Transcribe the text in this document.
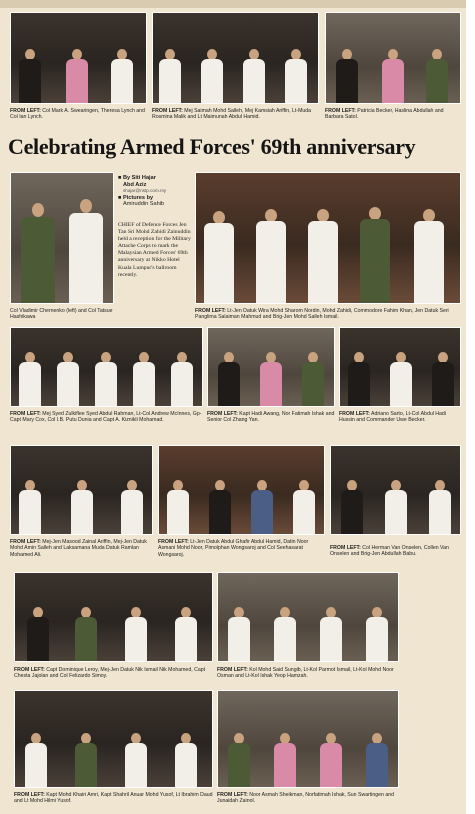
FROM LEFT: Col Mark A. Swearingen, Theresa Lynch and Col Ian Lynch.
FROM LEFT: Mej Saimah Mohd Salleh, Mej Kamsiah Ariffin, Lt-Muda Rosmina Malik and Lt Maimunah Abdul Hamid.
FROM LEFT: Patricia Becker, Haslina Abdullah and Barbara Satol.
Celebrating Armed Forces' 69th anniversary
Col Vladimir Chernenko (left) and Col Tatsue Hashikawa
■ By Siti Hajar
Abd Aziz
shajar@nstp.com.my
■ Pictures by
Amiruddin Sahib
CHIEF of Defence Forces Jen Tan Sri Mohd Zahidi Zainuddin held a reception for the Military Attache Corps to mark the Malaysian Armed Forces' 69th anniversary at Nikko Hotel Kuala Lumpur's ballroom recently.
FROM LEFT: Lt-Jen Datuk Wira Mohd Sharom Nordin, Mohd Zahidi, Commodore Fahim Khan, Jen Datuk Seri Panglima Salaiman Mahmud and Brig-Jen Mohd Salleh Ismail.
FROM LEFT: Mej Syed Zulkiflee Syed Abdul Rahman, Lt-Col Andrew McInnes, Gp-Capt Mary Cox, Col I.B. Putu Dunia and Capt A. Kiznikli Mohamad.
FROM LEFT: Kapt Hadi Awang, Nor Fatimah Ishak and Senior Col Zhang Yan.
FROM LEFT: Adriano Sarto, Lt-Col Abdul Hadi Hussin and Commander Uwe Becker.
FROM LEFT: Mej-Jen Masood Zainal Ariffin, Mej-Jen Datuk Mohd Amin Salleh and Laksamana Muda Datuk Ramlan Mohamed Ali.
FROM LEFT: Lt-Jen Datuk Abdul Ghafir Abdul Hamid, Datin Noor Asmani Mohd Noor, Pimolphan Wongsaroj and Col Seehasarat Wongsaroj.
FROM LEFT: Col Herman Van Onselen, Collen Van Onselen and Brig-Jen Abdullah Babu.
FROM LEFT: Capt Dominique Leroy, Mej-Jen Datuk Nik Ismail Nik Mohamed, Capt Chesta Jajolan and Col Felizardo Simoy.
FROM LEFT: Kol Mohd Said Sungib, Lt-Kol Parmot Ismail, Lt-Kol Mohd Noor Osman and Lt-Kol Ishak Yeop Hamzah.
FROM LEFT: Kapt Mohd Khairi Amri, Kapt Shahril Anuar Mohd Yusof, Lt Ibrahim Daud and Lt Mohd Hilmi Yusof.
FROM LEFT: Noor Asmah Sheikman, Norfatimah Ishak, Sun Swartingen and Junaidah Zainol.
